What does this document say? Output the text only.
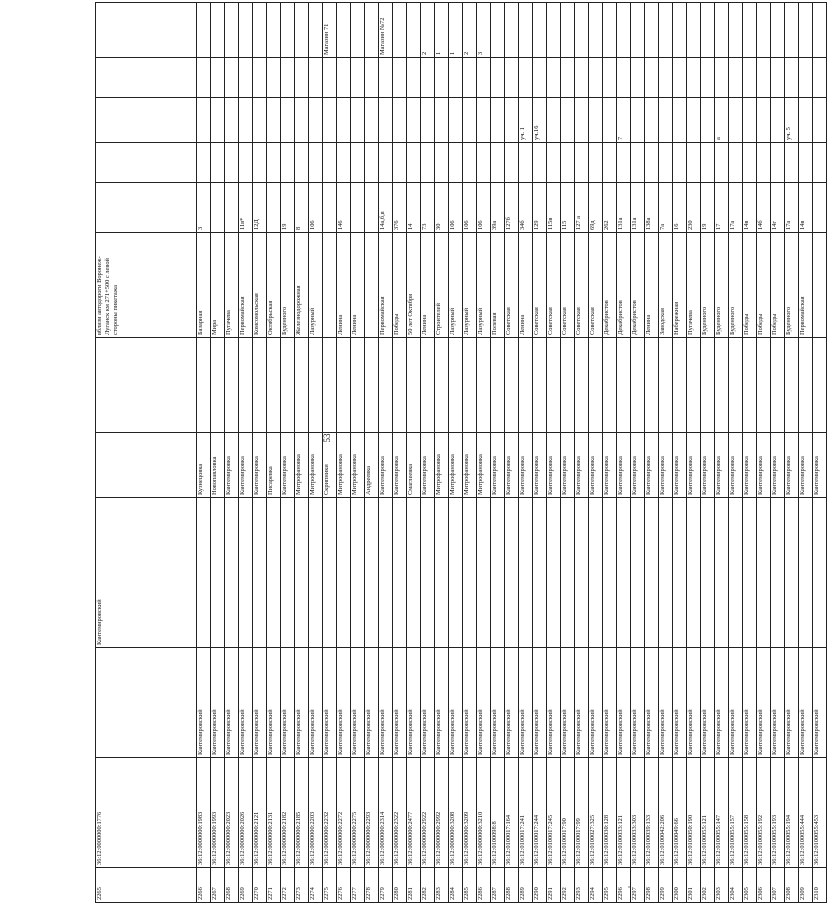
53
2265	36:12:0000000:1776		Кантемировский			вблизи автодороги Воронеж-Луганск км 271+500 с левой стороны пикетажа					
2266	36:12:0000000:1983	Кантемировский		Кузнецовка		Базарная	3				
2267	36:12:0000000:1993	Кантемировский		Новопавловка		Мира					
2268	36:12:0000000:2023	Кантемировский		Кантемировка		Пугачева					
2269	36:12:0000000:2026	Кантемировский		Кантемировка		Первомайская	11в*				
2270	36:12:0000000:2121	Кантемировский		Кантемировка		Комсомольская	12Д				
2271	36:12:0000000:2131	Кантемировский		Писаревка		Октябрьская					
2272	36:12:0000000:2182	Кантемировский		Кантемировка		Буденного	19				
2273	36:12:0000000:2185	Кантемировский		Митрофановка		Железнодорожная	8				
2274	36:12:0000000:2203	Кантемировский		Митрофановка		Лазурный	106				
2275	36:12:0000000:2232	Кантемировский		Скрипники							Магазин 71
2276	36:12:0000000:2272	Кантемировский		Митрофановка		Ленина	146				
2277	36:12:0000000:2275	Кантемировский		Митрофановка		Ленина					
2278	36:12:0000000:2293	Кантемировский		Андреевка							
2279	36:12:0000000:2314	Кантемировский		Кантемировка		Первомайская	14а,б,в				Магазин №72
2280	36:12:0000000:2322	Кантемировский		Кантемировка		Победы	376				
2281	36:12:0000000:2477	Кантемировский		Смаглеевка		50 лет Октября	14				
2282	36:12:0000000:2922	Кантемировский		Кантемировка		Ленина	73				2
2283	36:12:0000000:2992	Кантемировский		Митрофановка		Строителей	30				1
2284	36:12:0000000:3208	Кантемировский		Митрофановка		Лазурный	106				1
2285	36:12:0000000:3209	Кантемировский		Митрофановка		Лазурный	106				2
2286	36:12:0000000:3210	Кантемировский		Митрофановка		Лазурный	106				3
2287	36:12:0100098:8	Кантемировский		Кантемировка		Полевая	39а				
2288	36:12:0100017:164	Кантемировский		Кантемировка		Советская	127б				
2289	36:12:0100017:241	Кантемировский		Кантемировка		Ленина	34б		уч. 1		
2290	36:12:0100017:244	Кантемировский		Кантемировка		Советская	129		уч.16		
2291	36:12:0100017:245	Кантемировский		Кантемировка		Советская	115в				
2292	36:12:0100017:90	Кантемировский		Кантемировка		Советская	115				
2293	36:12:0100017:99	Кантемировский		Кантемировка		Советская	127 а				
2294	36:12:0100027:325	Кантемировский		Кантемировка		Советская	69д				
2295	36:12:0100030:128	Кантемировский		Кантемировка		Декабристов	262				
2296	36:12:0100033:121	Кантемировский		Кантемировка		Декабристов	131а		7		
2297	36:12:0100033:303	Кантемировский		Кантемировка		Декабристов	131а				
2298	36:12:0100039:133	Кантемировский		Кантемировка		Ленина	138а				
2299	36:12:0100042:206	Кантемировский		Кантемировка		Заводская	7а				
2300	36:12:0100049:66	Кантемировский		Кантемировка		Набережная	16				
2301	36:12:0100050:190	Кантемировский		Кантемировка		Пугачева	230				
2302	36:12:0100055:121	Кантемировский		Кантемировка		Буденного	19				
2303	36:12:0100055:147	Кантемировский		Кантемировка		Буденного	17		а		
2304	36:12:0100055:157	Кантемировский		Кантемировка		Буденного	17а				
2305	36:12:0100055:158	Кантемировский		Кантемировка		Победы	14в				
2306	36:12:0100055:192	Кантемировский		Кантемировка		Победы	14б				
2307	36:12:0100055:193	Кантемировский		Кантемировка		Победы	14г				
2308	36:12:0100055:194	Кантемировский		Кантемировка		Буденного	17а		уч. 5		
2309	36:12:0100055:444	Кантемировский		Кантемировка		Первомайская	14в				
2310	36:12:0100055:453	Кантемировский		Кантемировка							
